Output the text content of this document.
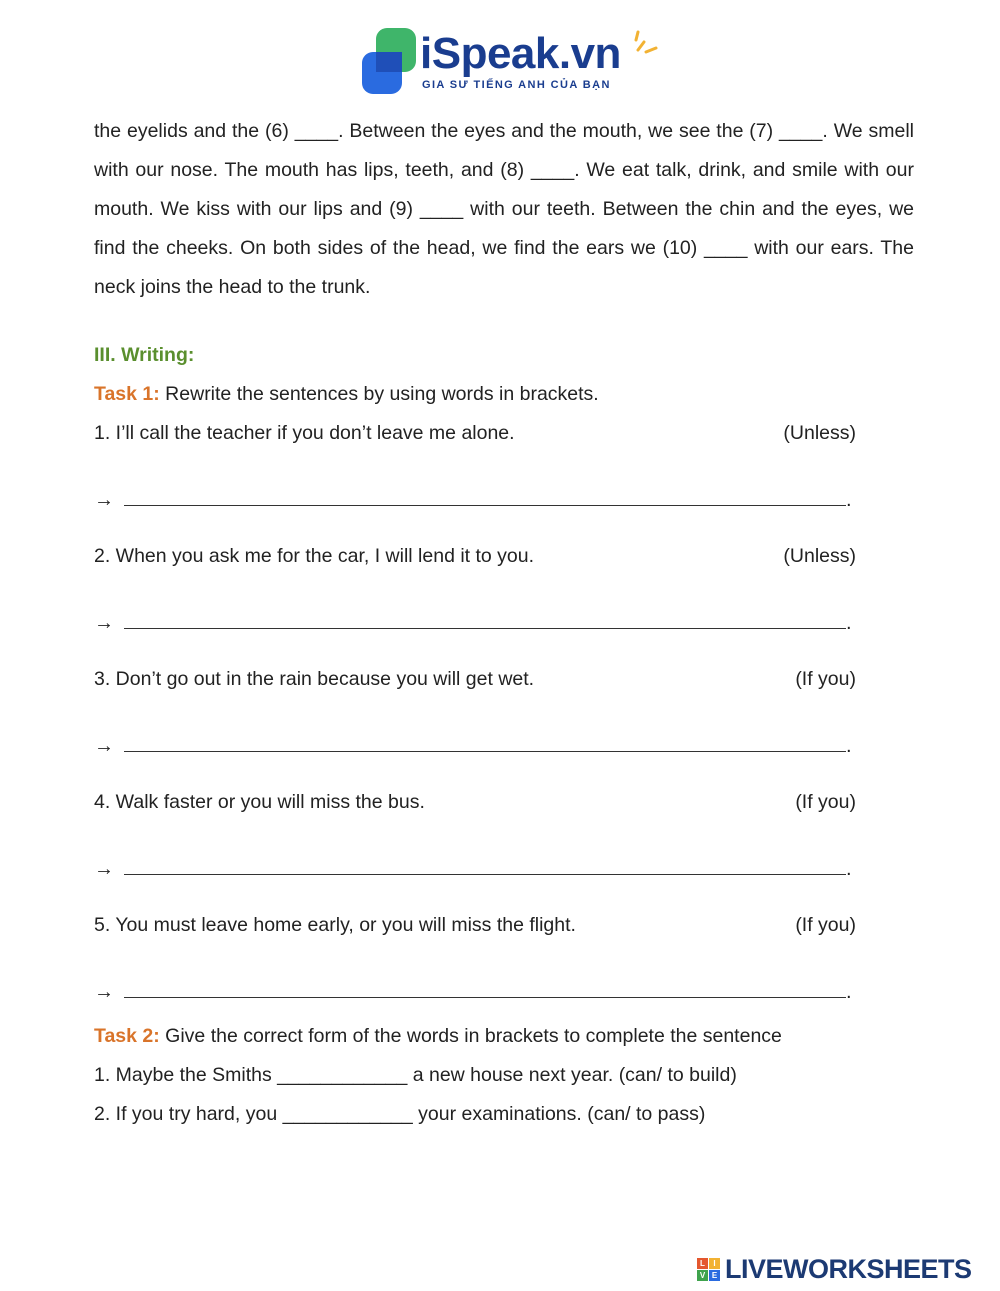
iSpeak.vn
GIA SƯ TIẾNG ANH CỦA BẠN

the eyelids and the (6) ____. Between the eyes and the mouth, we see the (7) ____. We smell with our nose. The mouth has lips, teeth, and (8) ____. We eat talk, drink, and smile with our mouth. We kiss with our lips and (9) ____ with our teeth. Between the chin and the eyes, we find the cheeks. On both sides of the head, we find the ears we (10) ____ with our ears. The neck joins the head to the trunk.

III. Writing:
Task 1: Rewrite the sentences by using words in brackets.
1. I’ll call the teacher if you don’t leave me alone.	(Unless)
→	.
2. When you ask me for the car, I will lend it to you.	(Unless)
→	.
3. Don’t go out in the rain because you will get wet.	(If you)
→	.
4. Walk faster or you will miss the bus.	(If you)
→	.
5. You must leave home early, or you will miss the flight.	(If you)
→	.
Task 2: Give the correct form of the words in brackets to complete the sentence
1. Maybe the Smiths ____________ a new house next year. (can/ to build)
2. If you try hard, you ____________ your examinations. (can/ to pass)
L	I
V E LIVEWORKSHEETS
